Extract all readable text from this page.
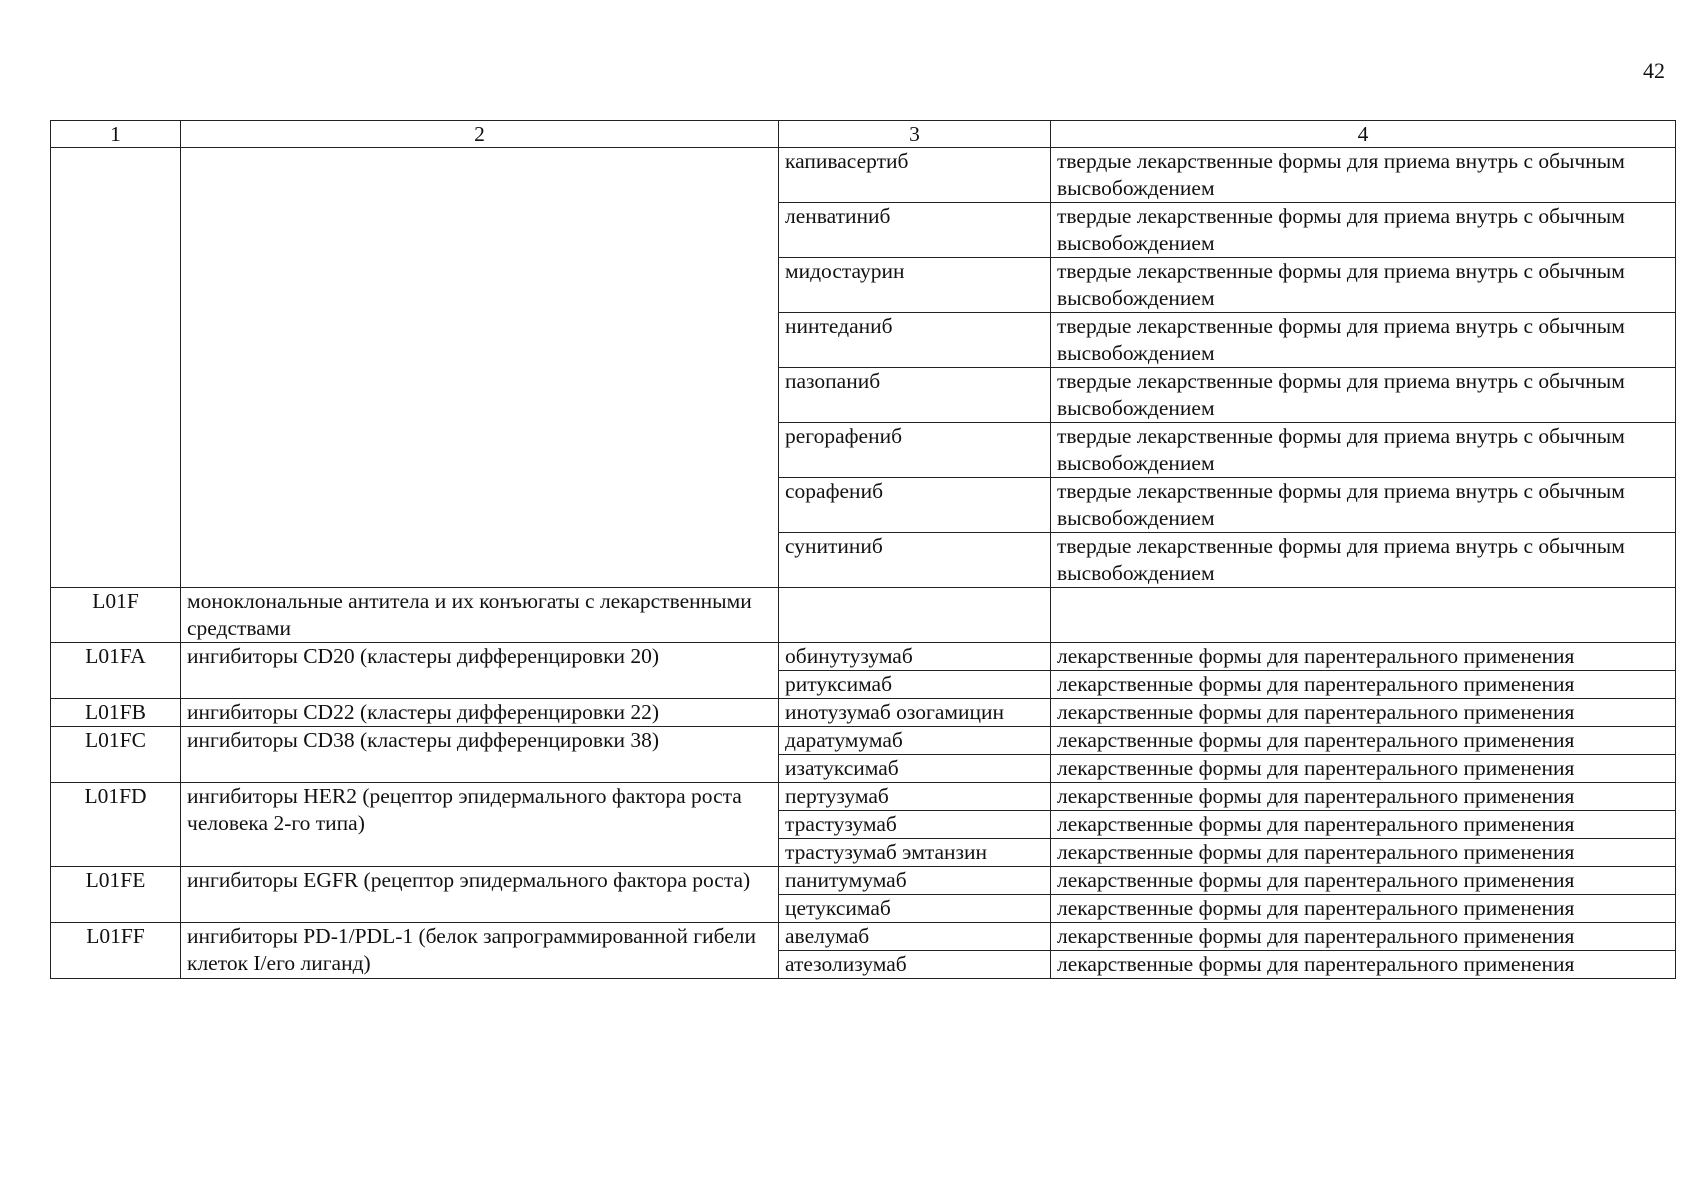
42
1	2	3	4
		капивасертиб	твердые лекарственные формы для приема внутрь с обычным высвобождением
		ленватиниб	твердые лекарственные формы для приема внутрь с обычным высвобождением
		мидостаурин	твердые лекарственные формы для приема внутрь с обычным высвобождением
		нинтеданиб	твердые лекарственные формы для приема внутрь с обычным высвобождением
		пазопаниб	твердые лекарственные формы для приема внутрь с обычным высвобождением
		регорафениб	твердые лекарственные формы для приема внутрь с обычным высвобождением
		сорафениб	твердые лекарственные формы для приема внутрь с обычным высвобождением
		сунитиниб	твердые лекарственные формы для приема внутрь с обычным высвобождением
L01F	моноклональные антитела и их конъюгаты с лекарственными средствами		
L01FA	ингибиторы CD20 (кластеры дифференцировки 20)	обинутузумаб	лекарственные формы для парентерального применения
		ритуксимаб	лекарственные формы для парентерального применения
L01FB	ингибиторы CD22 (кластеры дифференцировки 22)	инотузумаб озогамицин	лекарственные формы для парентерального применения
L01FC	ингибиторы CD38 (кластеры дифференцировки 38)	даратумумаб	лекарственные формы для парентерального применения
		изатуксимаб	лекарственные формы для парентерального применения
L01FD	ингибиторы HER2 (рецептор эпидермального фактора роста человека 2-го типа)	пертузумаб	лекарственные формы для парентерального применения
		трастузумаб	лекарственные формы для парентерального применения
		трастузумаб эмтанзин	лекарственные формы для парентерального применения
L01FE	ингибиторы EGFR (рецептор эпидермального фактора роста)	панитумумаб	лекарственные формы для парентерального применения
		цетуксимаб	лекарственные формы для парентерального применения
L01FF	ингибиторы PD-1/PDL-1 (белок запрограммированной гибели клеток I/его лиганд)	авелумаб	лекарственные формы для парентерального применения
		атезолизумаб	лекарственные формы для парентерального применения
